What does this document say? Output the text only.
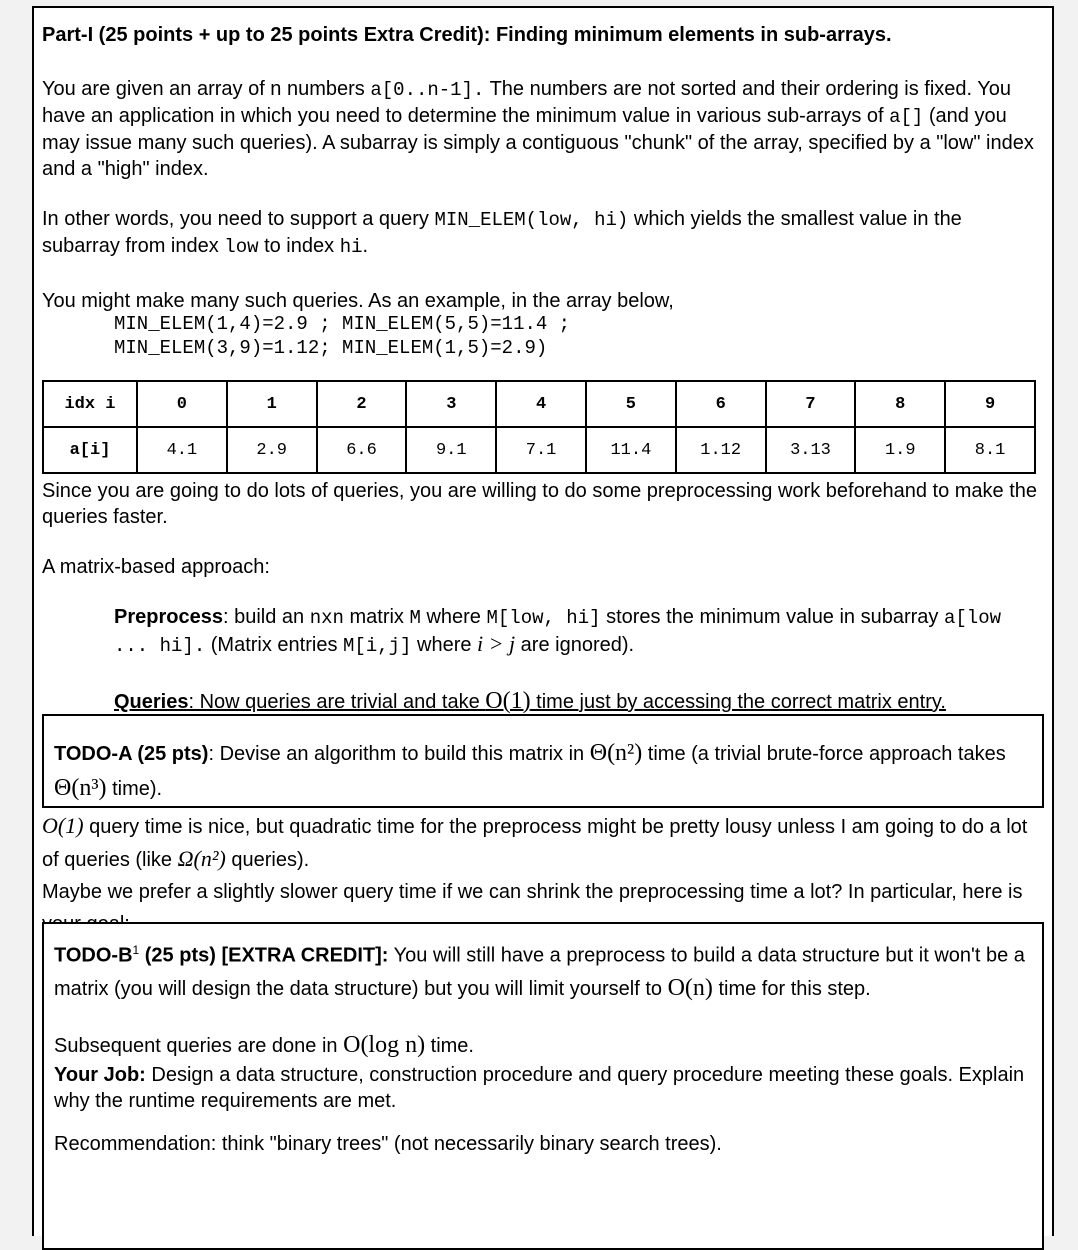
Part-I (25 points + up to 25 points Extra Credit): Finding minimum elements in sub-arrays.

You are given an array of n numbers a[0..n-1]. The numbers are not sorted and their ordering is fixed. You have an application in which you need to determine the minimum value in various sub-arrays of a[] (and you may issue many such queries). A subarray is simply a contiguous "chunk" of the array, specified by a "low" index and a "high" index.

In other words, you need to support a query MIN_ELEM(low, hi) which yields the smallest value in the subarray from index low to index hi.

You might make many such queries. As an example, in the array below,

MIN_ELEM(1,4)=2.9 ; MIN_ELEM(5,5)=11.4 ;
MIN_ELEM(3,9)=1.12; MIN_ELEM(1,5)=2.9)
idx i	0	1	2	3	4	5	6	7	8	9
a[i]	4.1	2.9	6.6	9.1	7.1	11.4	1.12	3.13	1.9	8.1

Since you are going to do lots of queries, you are willing to do some preprocessing work beforehand to make the queries faster.

A matrix-based approach:

Preprocess: build an nxn matrix M where M[low, hi] stores the minimum value in subarray a[low ... hi]. (Matrix entries M[i,j] where i > j are ignored).

Queries: Now queries are trivial and take O(1) time just by accessing the correct matrix entry.

TODO-A (25 pts): Devise an algorithm to build this matrix in Θ(n²) time (a trivial brute-force approach takes Θ(n³) time).

O(1) query time is nice, but quadratic time for the preprocess might be pretty lousy unless I am going to do a lot of queries (like Ω(n²) queries).
Maybe we prefer a slightly slower query time if we can shrink the preprocessing time a lot? In particular, here is

TODO-$B^1$ (25 pts) [EXTRA CREDIT]: You will still have a preprocess to build a data structure but it won't be a matrix (you will design the data structure) but you will limit yourself to O(n) time for this step.

Subsequent queries are done in O(log n) time.

Your Job: Design a data structure, construction procedure and query procedure meeting these goals. Explain why the runtime requirements are met.

Recommendation: think "binary trees" (not necessarily binary search trees).
